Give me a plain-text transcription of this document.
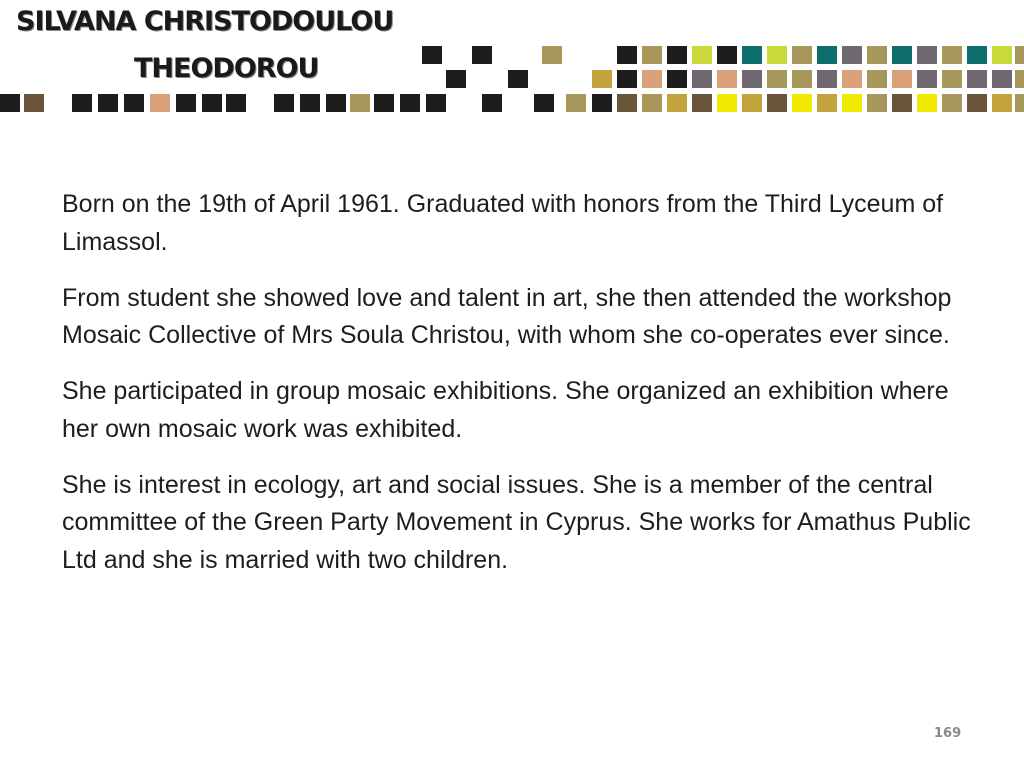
SILVANA CHRISTODOULOU
THEODOROU

Born on the 19th of April 1961. Graduated with honors from the Third Lyceum of Limassol.

From student she showed love and talent in art, she then attended the workshop Mosaic Collective of Mrs Soula Christou, with whom she co-operates ever since.

She participated in group mosaic exhibitions. She organized an exhibition where her own mosaic work was exhibited.

She is interest in ecology, art and social issues. She is a member of the central committee of the Green Party Movement in Cyprus. She works for Amathus Public Ltd and she is married with two children.

169
